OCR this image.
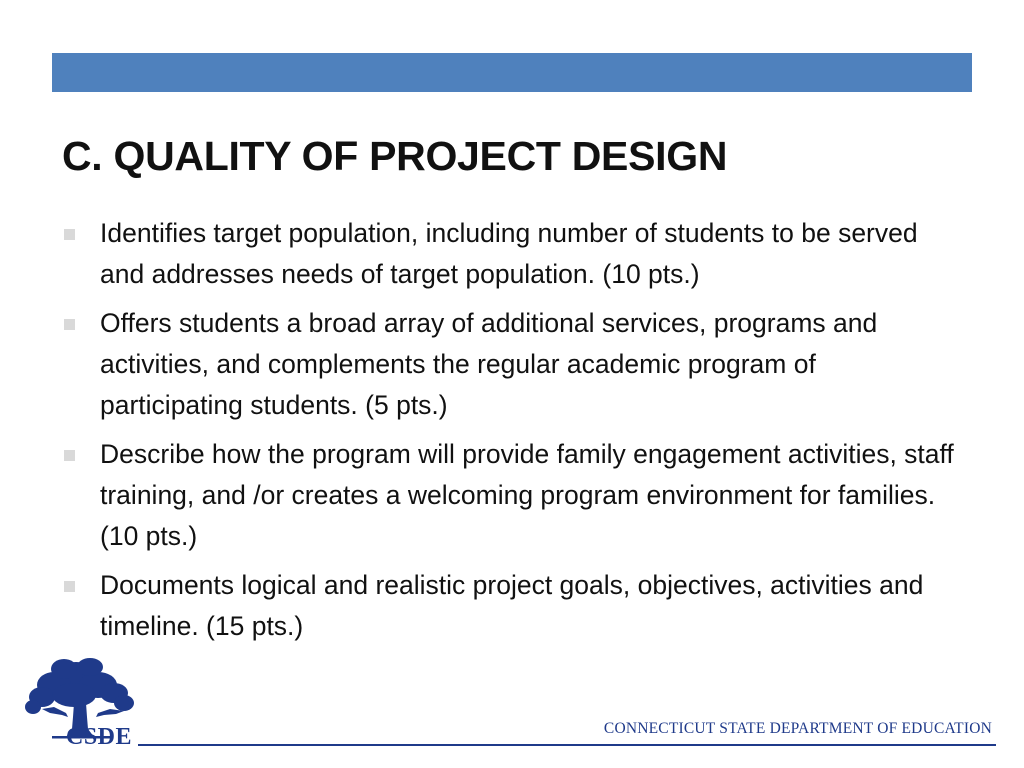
C. QUALITY OF PROJECT DESIGN
Identifies target population, including number of students to be served and addresses needs of target population. (10 pts.)
Offers students a broad array of additional services, programs and activities, and complements the regular academic program of participating students. (5 pts.)
Describe how the program will provide family engagement activities, staff training, and /or creates a welcoming program environment for families. (10 pts.)
Documents logical and realistic project goals, objectives, activities and timeline. (15 pts.)
CSDE	CONNECTICUT STATE DEPARTMENT OF EDUCATION
